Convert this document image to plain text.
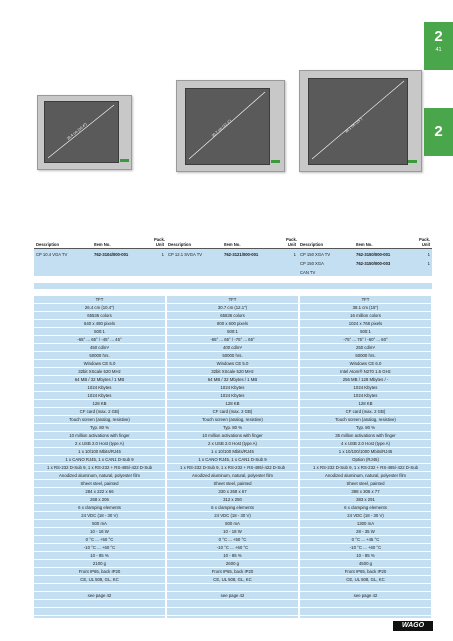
2
41
2
26.4 cm (10.4")	30.7 cm (12.1")	38.1 cm (15")
Description	Item No.	Pack. Unit	Description	Item No.	Pack. Unit	Description	Item No.	Pack. Unit
CP 10.4 VGA TV	762-3104/000-001	1	CP 12.1 SVGA TV	762-3121/000-001	1	CP 150 XGA TV	762-3150/000-001	1
						CP 150 XGA	762-3150/000-003	1
						CAN TV		
TFT
26.4 cm (10.4")
65536 colors
640 x 480 pixels
500:1
-65° ... 65° / -45° ... 45°
450 cd/m²
50000 hrs.
Windows CE 5.0
32bit XScale 520 MHz
64 MB / 32 Mbytes / 1 MB
1024 Kbytes
1024 Kbytes
128 KB
CF card (max. 2 GB)
Touch screen (analog, resistive)
Typ. 80 %
10 million activations with finger
2 x USB 2.0 Host (type A)
1 x 10/100 Mbits/RJ45
1 x CANO RJ45, 1 x CAN1 D-Sub 9
1 x RS-232 D-Sub 9, 1 x RS-232 + RS-485/-422 D-Sub
Anodized aluminum, natural, polyester film
Sheet steel, painted
284 x 222 x 66
268 x 206
6 x clamping elements
24 VDC (18 - 30 V)
500 mA
10 - 18 W
0 °C ... +50 °C
-10 °C ... +60 °C
10 - 85 %
2100 g
Front IP65, back IP20
CE, UL 508, GL, KC
see page 42
TFT
30.7 cm (12.1")
65536 colors
800 x 600 pixels
500:1
-65° ... 65° / -75° ... 65°
400 cd/m²
50000 hrs.
Windows CE 5.0
32bit XScale 520 MHz
64 MB / 32 Mbytes / 1 MB
1024 Kbytes
1024 Kbytes
128 KB
CF card (max. 2 GB)
Touch screen (analog, resistive)
Typ. 80 %
10 million activations with finger
2 x USB 2.0 Host (type A)
1 x 10/100 Mbits/RJ45
1 x CANO RJ45, 1 x CAN1 D-Sub 9
1 x RS-232 D-Sub 9, 1 x RS-232 + RS-485/-422 D-Sub
Anodized aluminum, natural, polyester film
Sheet steel, painted
330 x 268 x 67
312 x 250
6 x clamping elements
24 VDC (18 - 30 V)
500 mA
10 - 18 W
0 °C ... +50 °C
-10 °C ... +60 °C
10 - 85 %
2600 g
Front IP65, back IP20
CE, UL 508, GL, KC
see page 42
TFT
38.1 cm (15")
16 million colors
1024 x 768 pixels
500:1
-75° ... 75° / -60° ... 60°
250 cd/m²
50000 hrs.
Windows CE 6.0
Intel Atom® N270 1.6 GHz
256 MB / 128 Mbytes / -
1024 Kbytes
1024 Kbytes
128 KB
CF card (max. 2 GB)
Touch screen (analog, resistive)
Typ. 80 %
35 million activations with finger
4 x USB 2.0 Host (type A)
1 x 10/100/1000 Mbits/RJ45
Option (RJ45)
1 x RS-232 D-Sub 9, 1 x RS-232 + RS-485/-422 D-Sub
Anodized aluminum, natural, polyester film
Sheet steel, painted
398 x 306 x 77
383 x 291
6 x clamping elements
24 VDC (18 - 30 V)
1300 mA
28 - 35 W
0 °C ... +45 °C
-10 °C ... +60 °C
10 - 85 %
4500 g
Front IP65, back IP20
CE, UL 508, GL, KC
see page 42
WAGO
